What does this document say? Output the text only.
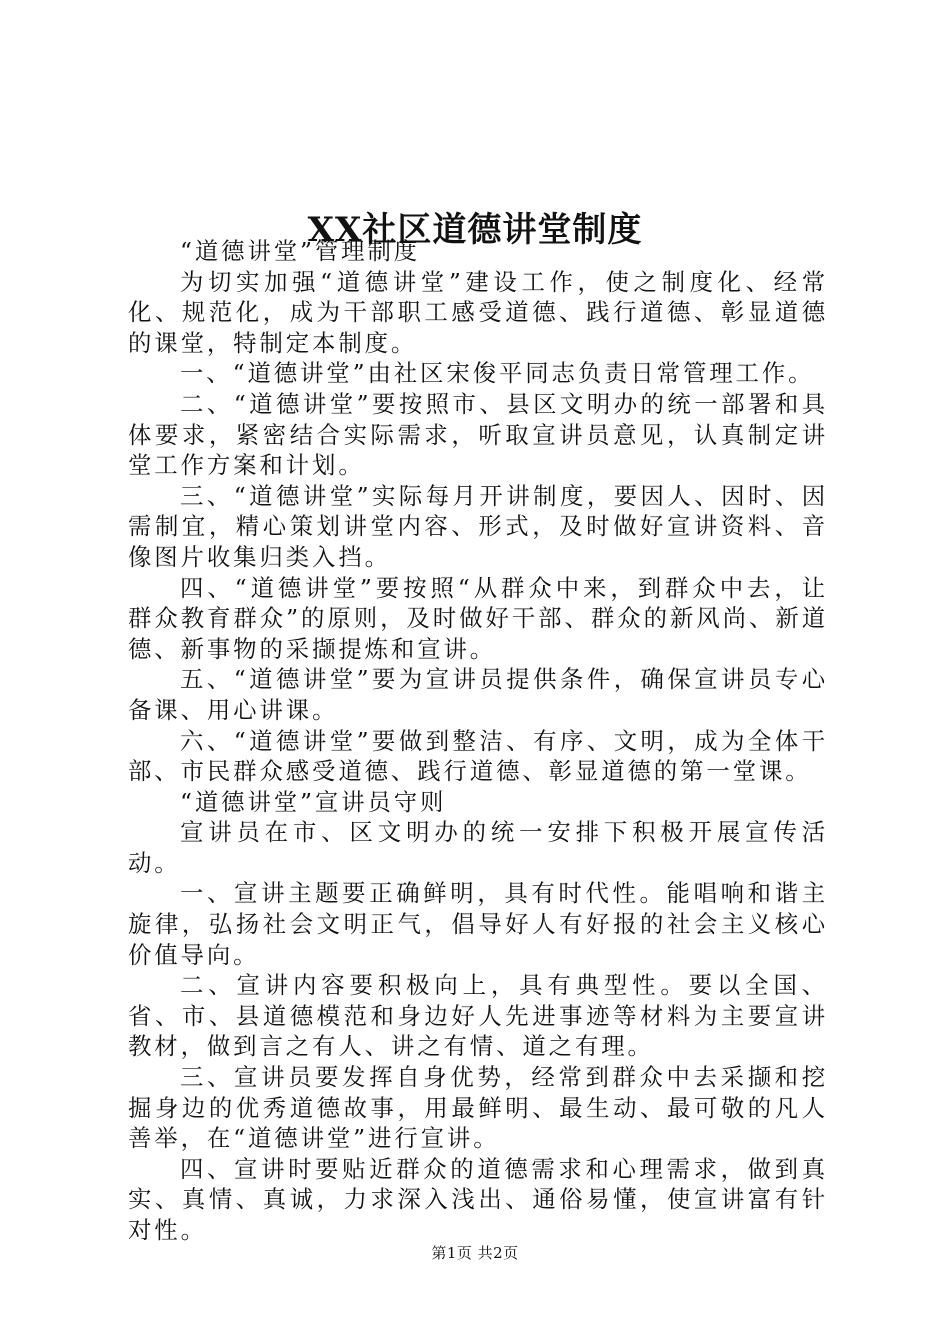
XX社区道德讲堂制度

“道德讲堂”管理制度

为切实加强“道德讲堂”建设工作，使之制度化、经常化、规范化，成为干部职工感受道德、践行道德、彰显道德的课堂，特制定本制度。

一、“道德讲堂”由社区宋俊平同志负责日常管理工作。

二、“道德讲堂”要按照市、县区文明办的统一部署和具体要求，紧密结合实际需求，听取宣讲员意见，认真制定讲堂工作方案和计划。

三、“道德讲堂”实际每月开讲制度，要因人、因时、因需制宜，精心策划讲堂内容、形式，及时做好宣讲资料、音像图片收集归类入挡。

四、“道德讲堂”要按照“从群众中来，到群众中去，让群众教育群众”的原则，及时做好干部、群众的新风尚、新道德、新事物的采撷提炼和宣讲。

五、“道德讲堂”要为宣讲员提供条件，确保宣讲员专心备课、用心讲课。

六、“道德讲堂”要做到整洁、有序、文明，成为全体干部、市民群众感受道德、践行道德、彰显道德的第一堂课。

“道德讲堂”宣讲员守则

宣讲员在市、区文明办的统一安排下积极开展宣传活动。

一、宣讲主题要正确鲜明，具有时代性。能唱响和谐主旋律，弘扬社会文明正气，倡导好人有好报的社会主义核心价值导向。

二、宣讲内容要积极向上，具有典型性。要以全国、省、市、县道德模范和身边好人先进事迹等材料为主要宣讲教材，做到言之有人、讲之有情、道之有理。

三、宣讲员要发挥自身优势，经常到群众中去采撷和挖掘身边的优秀道德故事，用最鲜明、最生动、最可敬的凡人善举，在“道德讲堂”进行宣讲。

四、宣讲时要贴近群众的道德需求和心理需求，做到真实、真情、真诚，力求深入浅出、通俗易懂，使宣讲富有针对性。

第1页 共2页
